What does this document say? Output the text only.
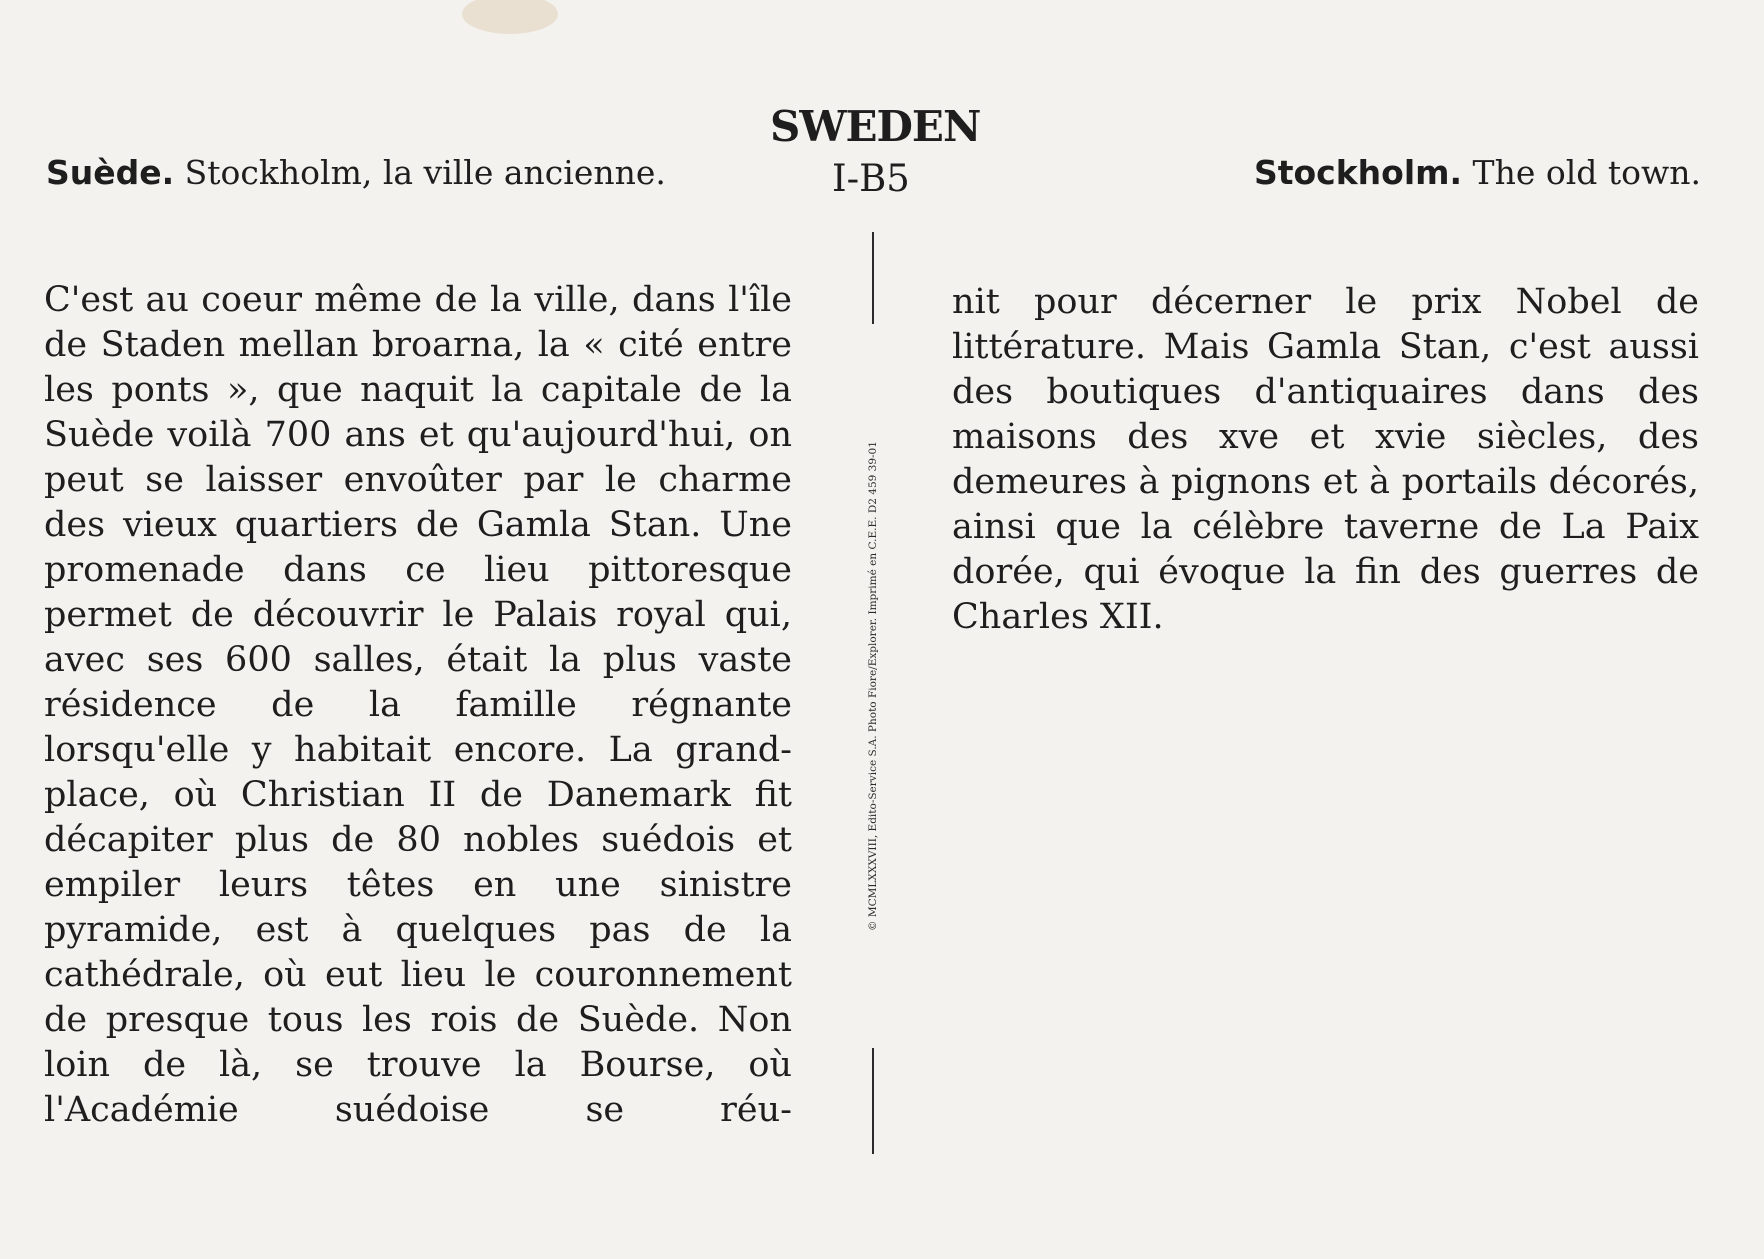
SWEDEN
I-B5
Suède. Stockholm, la ville ancienne.	Stockholm. The old town.
© MCMLXXXVIII, Edito-Service S.A. Photo Fiore/Explorer. Imprimé en C.E.E. D2 459 39-01

C'est au coeur même de la ville, dans l'île de Staden mellan broarna, la « cité entre les ponts », que naquit la capitale de la Suède voilà 700 ans et qu'aujourd'hui, on peut se laisser envoûter par le charme des vieux quartiers de Gamla Stan. Une promenade dans ce lieu pittoresque permet de découvrir le Palais royal qui, avec ses 600 salles, était la plus vaste résidence de la famille régnante lorsqu'elle y habitait encore. La grand-place, où Christian II de Danemark fit décapiter plus de 80 nobles suédois et empiler leurs têtes en une sinistre pyramide, est à quelques pas de la cathédrale, où eut lieu le couronnement de presque tous les rois de Suède. Non loin de là, se trouve la Bourse, où l'Académie suédoise se réu-

nit pour décerner le prix Nobel de littérature. Mais Gamla Stan, c'est aussi des boutiques d'antiquaires dans des maisons des xve et xvie siècles, des demeures à pignons et à portails décorés, ainsi que la célèbre taverne de La Paix dorée, qui évoque la fin des guerres de Charles XII.
